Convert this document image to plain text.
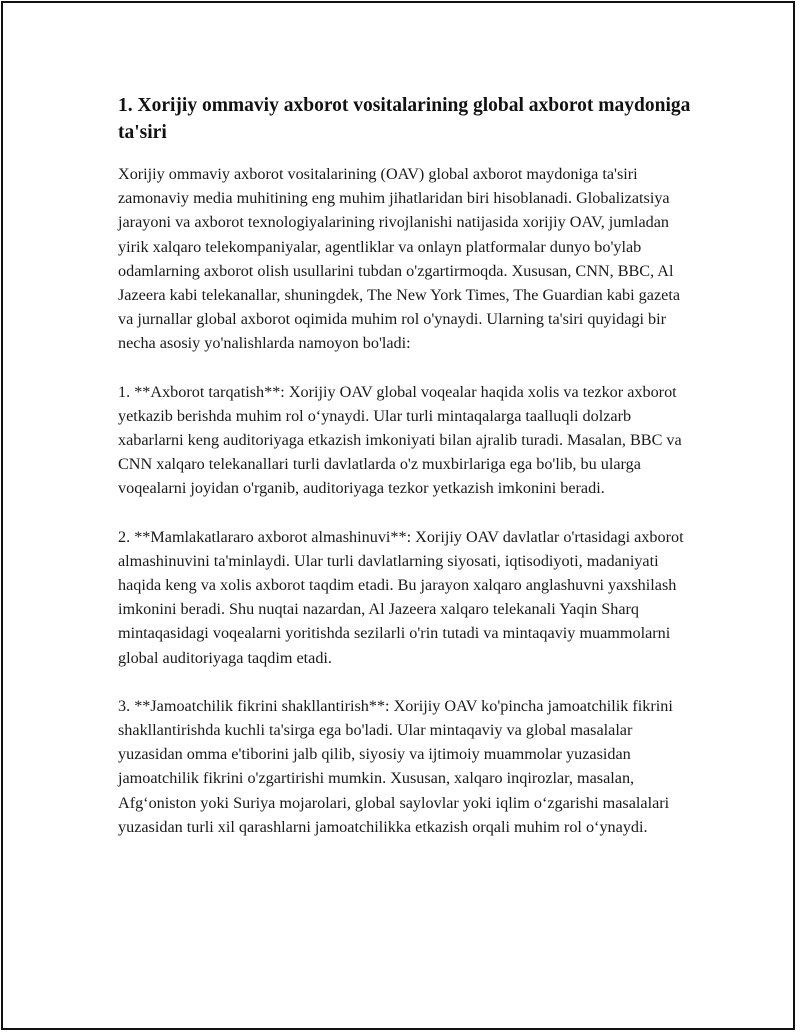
1. Xorijiy ommaviy axborot vositalarining global axborot maydoniga ta'siri

Xorijiy ommaviy axborot vositalarining (OAV) global axborot maydoniga ta'siri zamonaviy media muhitining eng muhim jihatlaridan biri hisoblanadi. Globalizatsiya jarayoni va axborot texnologiyalarining rivojlanishi natijasida xorijiy OAV, jumladan yirik xalqaro telekompaniyalar, agentliklar va onlayn platformalar dunyo bo'ylab odamlarning axborot olish usullarini tubdan o'zgartirmoqda. Xususan, CNN, BBC, Al Jazeera kabi telekanallar, shuningdek, The New York Times, The Guardian kabi gazeta va jurnallar global axborot oqimida muhim rol o'ynaydi. Ularning ta'siri quyidagi bir necha asosiy yo'nalishlarda namoyon bo'ladi:

1. **Axborot tarqatish**: Xorijiy OAV global voqealar haqida xolis va tezkor axborot yetkazib berishda muhim rol o‘ynaydi. Ular turli mintaqalarga taalluqli dolzarb xabarlarni keng auditoriyaga etkazish imkoniyati bilan ajralib turadi. Masalan, BBC va CNN xalqaro telekanallari turli davlatlarda o'z muxbirlariga ega bo'lib, bu ularga voqealarni joyidan o'rganib, auditoriyaga tezkor yetkazish imkonini beradi.

2. **Mamlakatlararo axborot almashinuvi**: Xorijiy OAV davlatlar o'rtasidagi axborot almashinuvini ta'minlaydi. Ular turli davlatlarning siyosati, iqtisodiyoti, madaniyati haqida keng va xolis axborot taqdim etadi. Bu jarayon xalqaro anglashuvni yaxshilash imkonini beradi. Shu nuqtai nazardan, Al Jazeera xalqaro telekanali Yaqin Sharq mintaqasidagi voqealarni yoritishda sezilarli o'rin tutadi va mintaqaviy muammolarni global auditoriyaga taqdim etadi.

3. **Jamoatchilik fikrini shakllantirish**: Xorijiy OAV ko'pincha jamoatchilik fikrini shakllantirishda kuchli ta'sirga ega bo'ladi. Ular mintaqaviy va global masalalar yuzasidan omma e'tiborini jalb qilib, siyosiy va ijtimoiy muammolar yuzasidan jamoatchilik fikrini o'zgartirishi mumkin. Xususan, xalqaro inqirozlar, masalan, Afg‘oniston yoki Suriya mojarolari, global saylovlar yoki iqlim o‘zgarishi masalalari yuzasidan turli xil qarashlarni jamoatchilikka etkazish orqali muhim rol o‘ynaydi.
